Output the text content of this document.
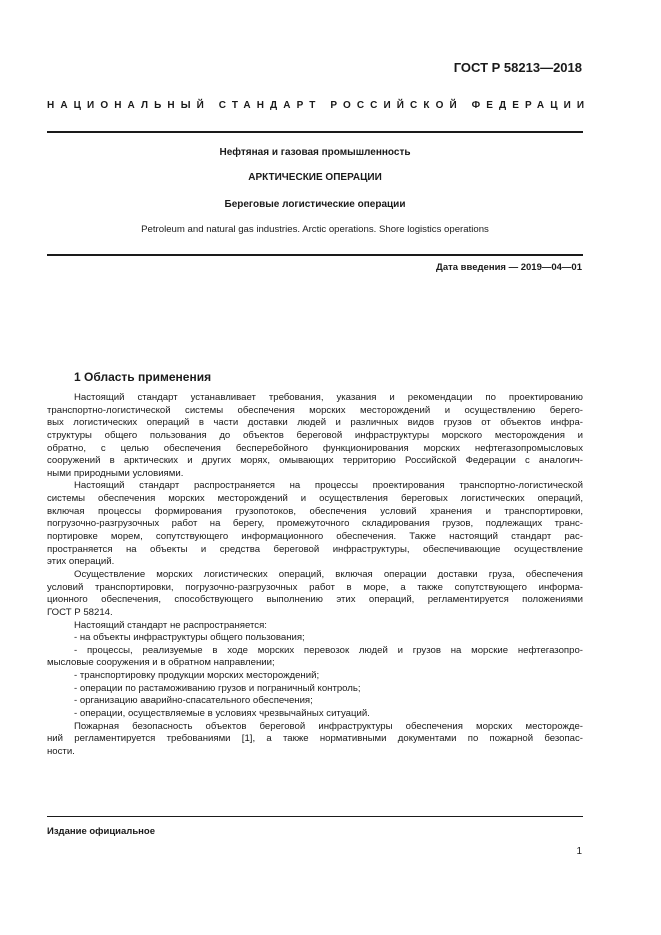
ГОСТ Р 58213—2018
НАЦИОНАЛЬНЫЙ СТАНДАРТ РОССИЙСКОЙ ФЕДЕРАЦИИ
Нефтяная и газовая промышленность
АРКТИЧЕСКИЕ ОПЕРАЦИИ
Береговые логистические операции
Petroleum and natural gas industries. Arctic operations. Shore logistics operations
Дата введения — 2019—04—01
1 Область применения
Настоящий стандарт устанавливает требования, указания и рекомендации по проектированию
транспортно-логистической системы обеспечения морских месторождений и осуществлению берего-
вых логистических операций в части доставки людей и различных видов грузов от объектов инфра-
структуры общего пользования до объектов береговой инфраструктуры морского месторождения и
обратно, с целью обеспечения бесперебойного функционирования морских нефтегазопромысловых
сооружений в арктических и других морях, омывающих территорию Российской Федерации с аналогич-
ными природными условиями.
Настоящий стандарт распространяется на процессы проектирования транспортно-логистической
системы обеспечения морских месторождений и осуществления береговых логистических операций,
включая процессы формирования грузопотоков, обеспечения условий хранения и транспортировки,
погрузочно-разгрузочных работ на берегу, промежуточного складирования грузов, подлежащих транс-
портировке морем, сопутствующего информационного обеспечения. Также настоящий стандарт рас-
пространяется на объекты и средства береговой инфраструктуры, обеспечивающие осуществление
этих операций.
Осуществление морских логистических операций, включая операции доставки груза, обеспечения
условий транспортировки, погрузочно-разгрузочных работ в море, а также сопутствующего информа-
ционного обеспечения, способствующего выполнению этих операций, регламентируется положениями
ГОСТ Р 58214.
Настоящий стандарт не распространяется:
- на объекты инфраструктуры общего пользования;
- процессы, реализуемые в ходе морских перевозок людей и грузов на морские нефтегазопро-
мысловые сооружения и в обратном направлении;
- транспортировку продукции морских месторождений;
- операции по растаможиванию грузов и пограничный контроль;
- организацию аварийно-спасательного обеспечения;
- операции, осуществляемые в условиях чрезвычайных ситуаций.
Пожарная безопасность объектов береговой инфраструктуры обеспечения морских месторожде-
ний регламентируется требованиями [1], а также нормативными документами по пожарной безопас-
ности.
Издание официальное
1
